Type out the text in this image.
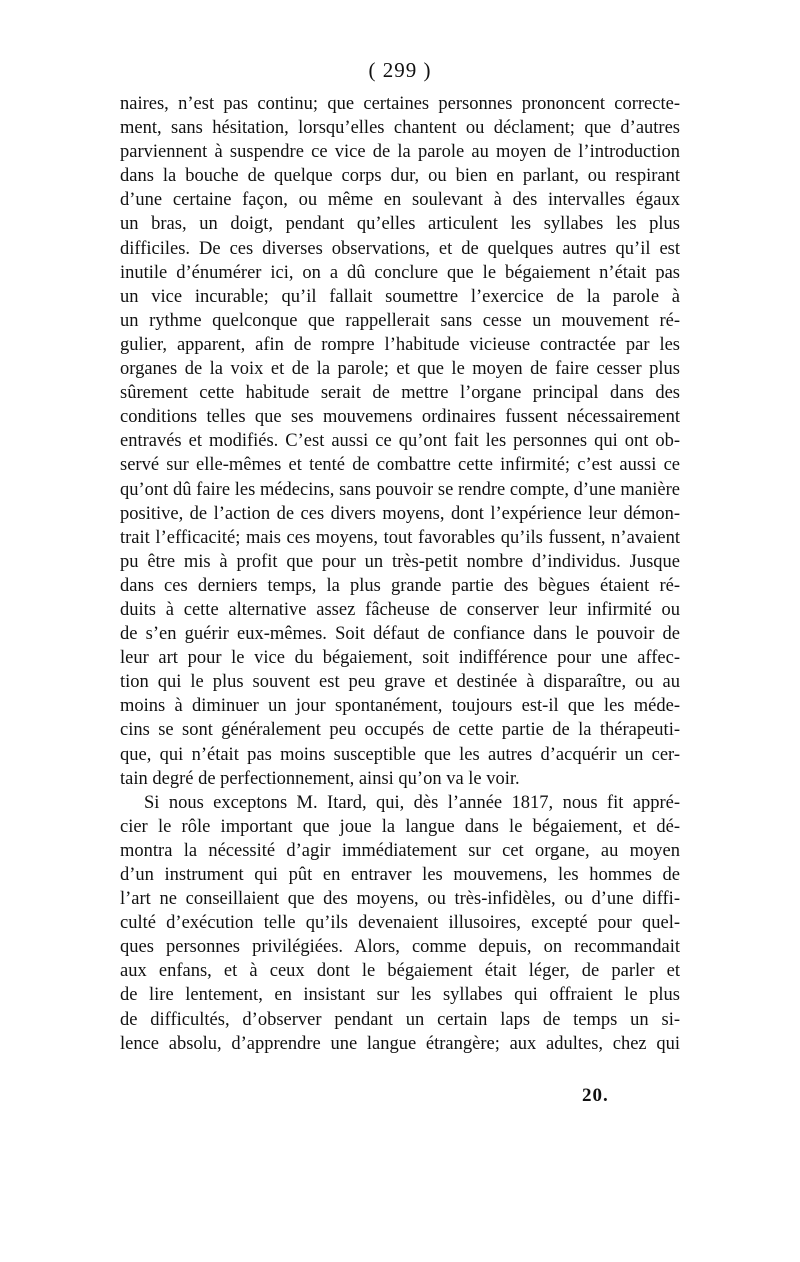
( 299 )
naires, n’est pas continu; que certaines personnes prononcent correcte-
ment, sans hésitation, lorsqu’elles chantent ou déclament; que d’autres
parviennent à suspendre ce vice de la parole au moyen de l’introduction
dans la bouche de quelque corps dur, ou bien en parlant, ou respirant
d’une certaine façon, ou même en soulevant à des intervalles égaux
un bras, un doigt, pendant qu’elles articulent les syllabes les plus
difficiles. De ces diverses observations, et de quelques autres qu’il est
inutile d’énumérer ici, on a dû conclure que le bégaiement n’était pas
un vice incurable; qu’il fallait soumettre l’exercice de la parole à
un rythme quelconque que rappellerait sans cesse un mouvement ré-
gulier, apparent, afin de rompre l’habitude vicieuse contractée par les
organes de la voix et de la parole; et que le moyen de faire cesser plus
sûrement cette habitude serait de mettre l’organe principal dans des
conditions telles que ses mouvemens ordinaires fussent nécessairement
entravés et modifiés. C’est aussi ce qu’ont fait les personnes qui ont ob-
servé sur elle-mêmes et tenté de combattre cette infirmité; c’est aussi ce
qu’ont dû faire les médecins, sans pouvoir se rendre compte, d’une manière
positive, de l’action de ces divers moyens, dont l’expérience leur démon-
trait l’efficacité; mais ces moyens, tout favorables qu’ils fussent, n’avaient
pu être mis à profit que pour un très-petit nombre d’individus. Jusque
dans ces derniers temps, la plus grande partie des bègues étaient ré-
duits à cette alternative assez fâcheuse de conserver leur infirmité ou
de s’en guérir eux-mêmes. Soit défaut de confiance dans le pouvoir de
leur art pour le vice du bégaiement, soit indifférence pour une affec-
tion qui le plus souvent est peu grave et destinée à disparaître, ou au
moins à diminuer un jour spontanément, toujours est-il que les méde-
cins se sont généralement peu occupés de cette partie de la thérapeuti-
que, qui n’était pas moins susceptible que les autres d’acquérir un cer-
tain degré de perfectionnement, ainsi qu’on va le voir.
Si nous exceptons M. Itard, qui, dès l’année 1817, nous fit appré-
cier le rôle important que joue la langue dans le bégaiement, et dé-
montra la nécessité d’agir immédiatement sur cet organe, au moyen
d’un instrument qui pût en entraver les mouvemens, les hommes de
l’art ne conseillaient que des moyens, ou très-infidèles, ou d’une diffi-
culté d’exécution telle qu’ils devenaient illusoires, excepté pour quel-
ques personnes privilégiées. Alors, comme depuis, on recommandait
aux enfans, et à ceux dont le bégaiement était léger, de parler et
de lire lentement, en insistant sur les syllabes qui offraient le plus
de difficultés, d’observer pendant un certain laps de temps un si-
lence absolu, d’apprendre une langue étrangère; aux adultes, chez qui
20.
